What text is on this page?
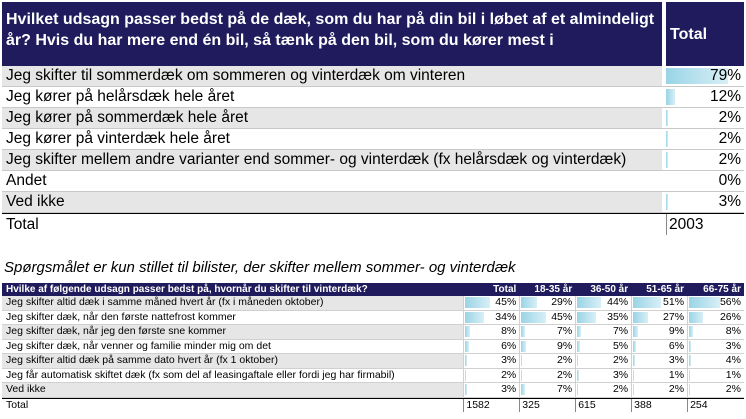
Hvilket udsagn passer bedst på de dæk, som du har på din bil i løbet af et almindeligt år? Hvis du har mere end én bil, så tænk på den bil, som du kører mest i	Total
Jeg skifter til sommerdæk om sommeren og vinterdæk om vinteren	79%
Jeg kører på helårsdæk hele året	12%
Jeg kører på sommerdæk hele året	2%
Jeg kører på vinterdæk hele året	2%
Jeg skifter mellem andre varianter end sommer- og vinterdæk (fx helårsdæk og vinterdæk)	2%
Andet	0%
Ved ikke	3%
Total	2003
Spørgsmålet er kun stillet til bilister, der skifter mellem sommer- og vinterdæk
Hvilke af følgende udsagn passer bedst på, hvornår du skifter til vinterdæk?	Total	18-35 år	36-50 år	51-65 år	66-75 år
Jeg skifter altid dæk i samme måned hvert år (fx i måneden oktober)	45%	29%	44%	51%	56%
Jeg skifter dæk, når den første nattefrost kommer	34%	45%	35%	27%	26%
Jeg skifter dæk, når jeg den første sne kommer	8%	7%	7%	9%	8%
Jeg skifter dæk, når venner og familie minder mig om det	6%	9%	5%	6%	3%
Jeg skifter altid dæk på samme dato hvert år (fx 1 oktober)	3%	2%	2%	3%	4%
Jeg får automatisk skiftet dæk (fx som del af leasingaftale eller fordi jeg har firmabil)	2%	2%	3%	1%	1%
Ved ikke	3%	7%	2%	2%	2%
Total	1582	325	615	388	254
